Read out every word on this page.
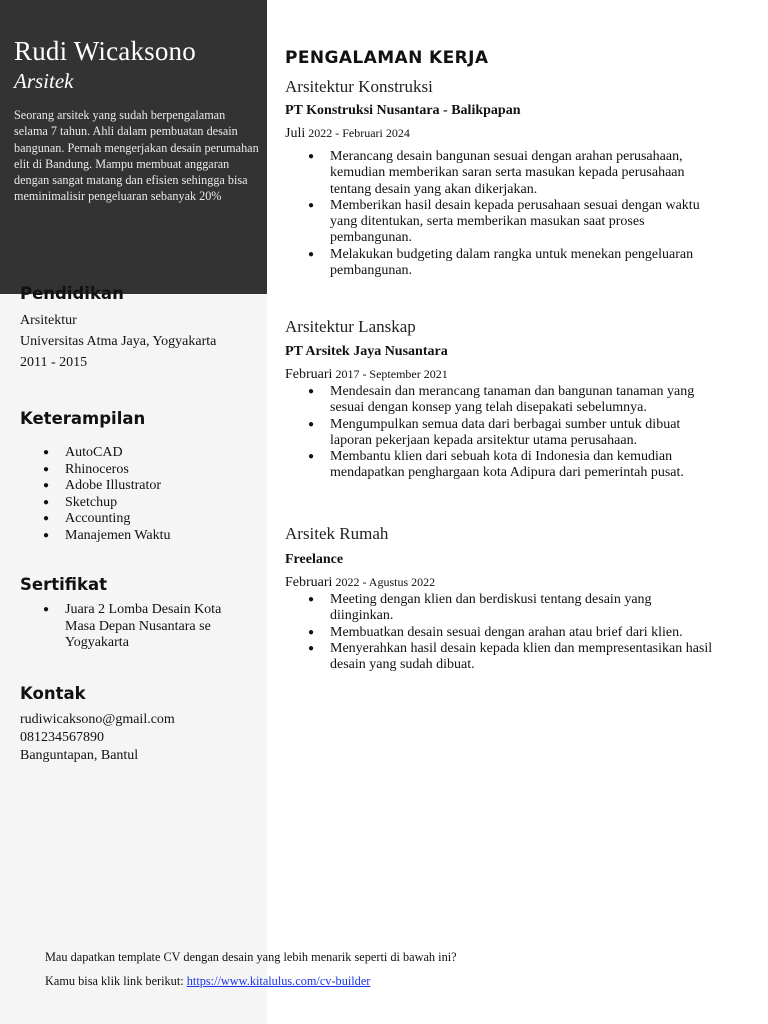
Rudi Wicaksono
Arsitek
Seorang arsitek yang sudah berpengalaman selama 7 tahun. Ahli dalam pembuatan desain bangunan. Pernah mengerjakan desain perumahan elit di Bandung. Mampu membuat anggaran dengan sangat matang dan efisien sehingga bisa meminimalisir pengeluaran sebanyak 20%
Pendidikan
Arsitektur
Universitas Atma Jaya, Yogyakarta
2011 - 2015
Keterampilan
● AutoCAD
● Rhinoceros
● Adobe Illustrator
● Sketchup
● Accounting
● Manajemen Waktu
Sertifikat
● Juara 2 Lomba Desain Kota Masa Depan Nusantara se Yogyakarta
Kontak
rudiwicaksono@gmail.com
081234567890
Banguntapan, Bantul
PENGALAMAN KERJA
Arsitektur Konstruksi
PT Konstruksi Nusantara - Balikpapan
Juli 2022 - Februari 2024
● Merancang desain bangunan sesuai dengan arahan perusahaan, kemudian memberikan saran serta masukan kepada perusahaan tentang desain yang akan dikerjakan.
● Memberikan hasil desain kepada perusahaan sesuai dengan waktu yang ditentukan, serta memberikan masukan saat proses pembangunan.
● Melakukan budgeting dalam rangka untuk menekan pengeluaran pembangunan.
Arsitektur Lanskap
PT Arsitek Jaya Nusantara
Februari 2017 - September 2021
● Mendesain dan merancang tanaman dan bangunan tanaman yang sesuai dengan konsep yang telah disepakati sebelumnya.
● Mengumpulkan semua data dari berbagai sumber untuk dibuat laporan pekerjaan kepada arsitektur utama perusahaan.
● Membantu klien dari sebuah kota di Indonesia dan kemudian mendapatkan penghargaan kota Adipura dari pemerintah pusat.
Arsitek Rumah
Freelance
Februari 2022 - Agustus 2022
● Meeting dengan klien dan berdiskusi tentang desain yang diinginkan.
● Membuatkan desain sesuai dengan arahan atau brief dari klien.
● Menyerahkan hasil desain kepada klien dan mempresentasikan hasil desain yang sudah dibuat.
Mau dapatkan template CV dengan desain yang lebih menarik seperti di bawah ini?
Kamu bisa klik link berikut: https://www.kitalulus.com/cv-builder
